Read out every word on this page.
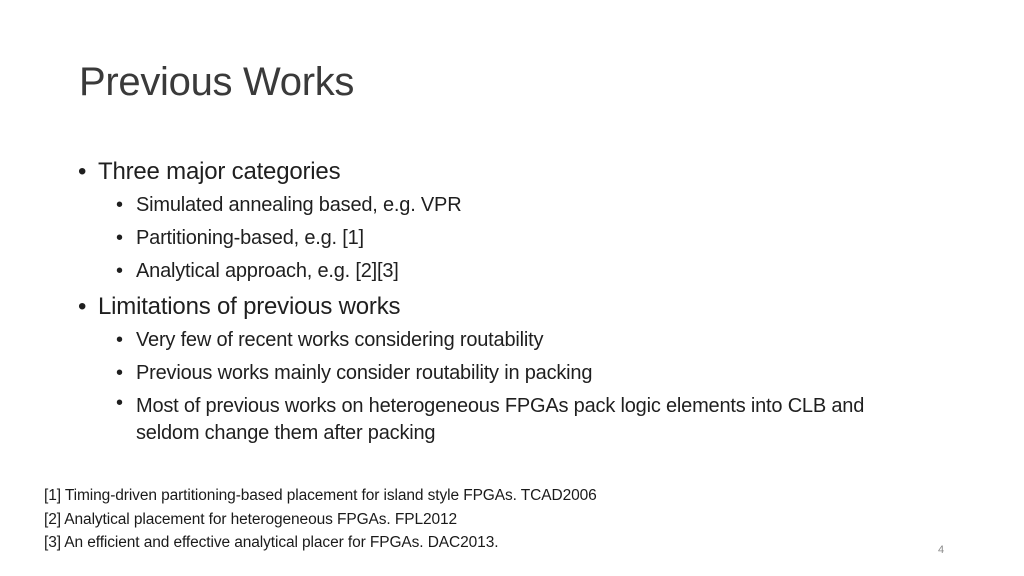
Previous Works
• Three major categories
• Simulated annealing based, e.g. VPR
• Partitioning-based, e.g. [1]
• Analytical approach, e.g. [2][3]
• Limitations of previous works
• Very few of recent works considering routability
• Previous works mainly consider routability in packing
• Most of previous works on heterogeneous FPGAs pack logic elements into CLB and seldom change them after packing
[1] Timing-driven partitioning-based placement for island style FPGAs. TCAD2006
[2] Analytical placement for heterogeneous FPGAs. FPL2012
[3] An efficient and effective analytical placer for FPGAs. DAC2013.	4
